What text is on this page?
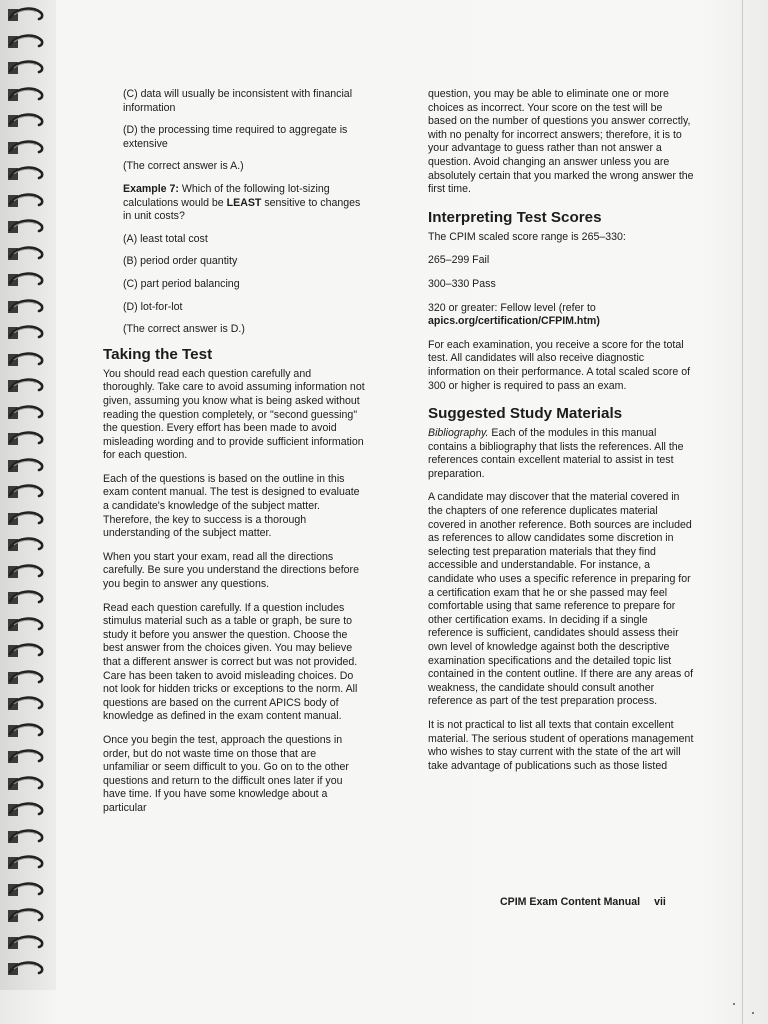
(C) data will usually be inconsistent with financial information

(D) the processing time required to aggregate is extensive

(The correct answer is A.)

Example 7: Which of the following lot-sizing calculations would be LEAST sensitive to changes in unit costs?

(A) least total cost

(B) period order quantity

(C) part period balancing

(D) lot-for-lot

(The correct answer is D.)

Taking the Test

You should read each question carefully and thoroughly. Take care to avoid assuming information not given, assuming you know what is being asked without reading the question completely, or "second guessing" the question. Every effort has been made to avoid misleading wording and to provide sufficient information for each question.

Each of the questions is based on the outline in this exam content manual. The test is designed to evaluate a candidate's knowledge of the subject matter. Therefore, the key to success is a thorough understanding of the subject matter.

When you start your exam, read all the directions carefully. Be sure you understand the directions before you begin to answer any questions.

Read each question carefully. If a question includes stimulus material such as a table or graph, be sure to study it before you answer the question. Choose the best answer from the choices given. You may believe that a different answer is correct but was not provided. Care has been taken to avoid misleading choices. Do not look for hidden tricks or exceptions to the norm. All questions are based on the current APICS body of knowledge as defined in the exam content manual.

Once you begin the test, approach the questions in order, but do not waste time on those that are unfamiliar or seem difficult to you. Go on to the other questions and return to the difficult ones later if you have time. If you have some knowledge about a particular

question, you may be able to eliminate one or more choices as incorrect. Your score on the test will be based on the number of questions you answer correctly, with no penalty for incorrect answers; therefore, it is to your advantage to guess rather than not answer a question. Avoid changing an answer unless you are absolutely certain that you marked the wrong answer the first time.

Interpreting Test Scores

The CPIM scaled score range is 265–330:

265–299 Fail

300–330 Pass

320 or greater: Fellow level (refer to apics.org/certification/CFPIM.htm)

For each examination, you receive a score for the total test. All candidates will also receive diagnostic information on their performance. A total scaled score of 300 or higher is required to pass an exam.

Suggested Study Materials

Bibliography. Each of the modules in this manual contains a bibliography that lists the references. All the references contain excellent material to assist in test preparation.

A candidate may discover that the material covered in the chapters of one reference duplicates material covered in another reference. Both sources are included as references to allow candidates some discretion in selecting test preparation materials that they find accessible and understandable. For instance, a candidate who uses a specific reference in preparing for a certification exam that he or she passed may feel comfortable using that same reference to prepare for other certification exams. In deciding if a single reference is sufficient, candidates should assess their own level of knowledge against both the descriptive examination specifications and the detailed topic list contained in the content outline. If there are any areas of weakness, the candidate should consult another reference as part of the test preparation process.

It is not practical to list all texts that contain excellent material. The serious student of operations management who wishes to stay current with the state of the art will take advantage of publications such as those listed

CPIM Exam Content Manual vii
